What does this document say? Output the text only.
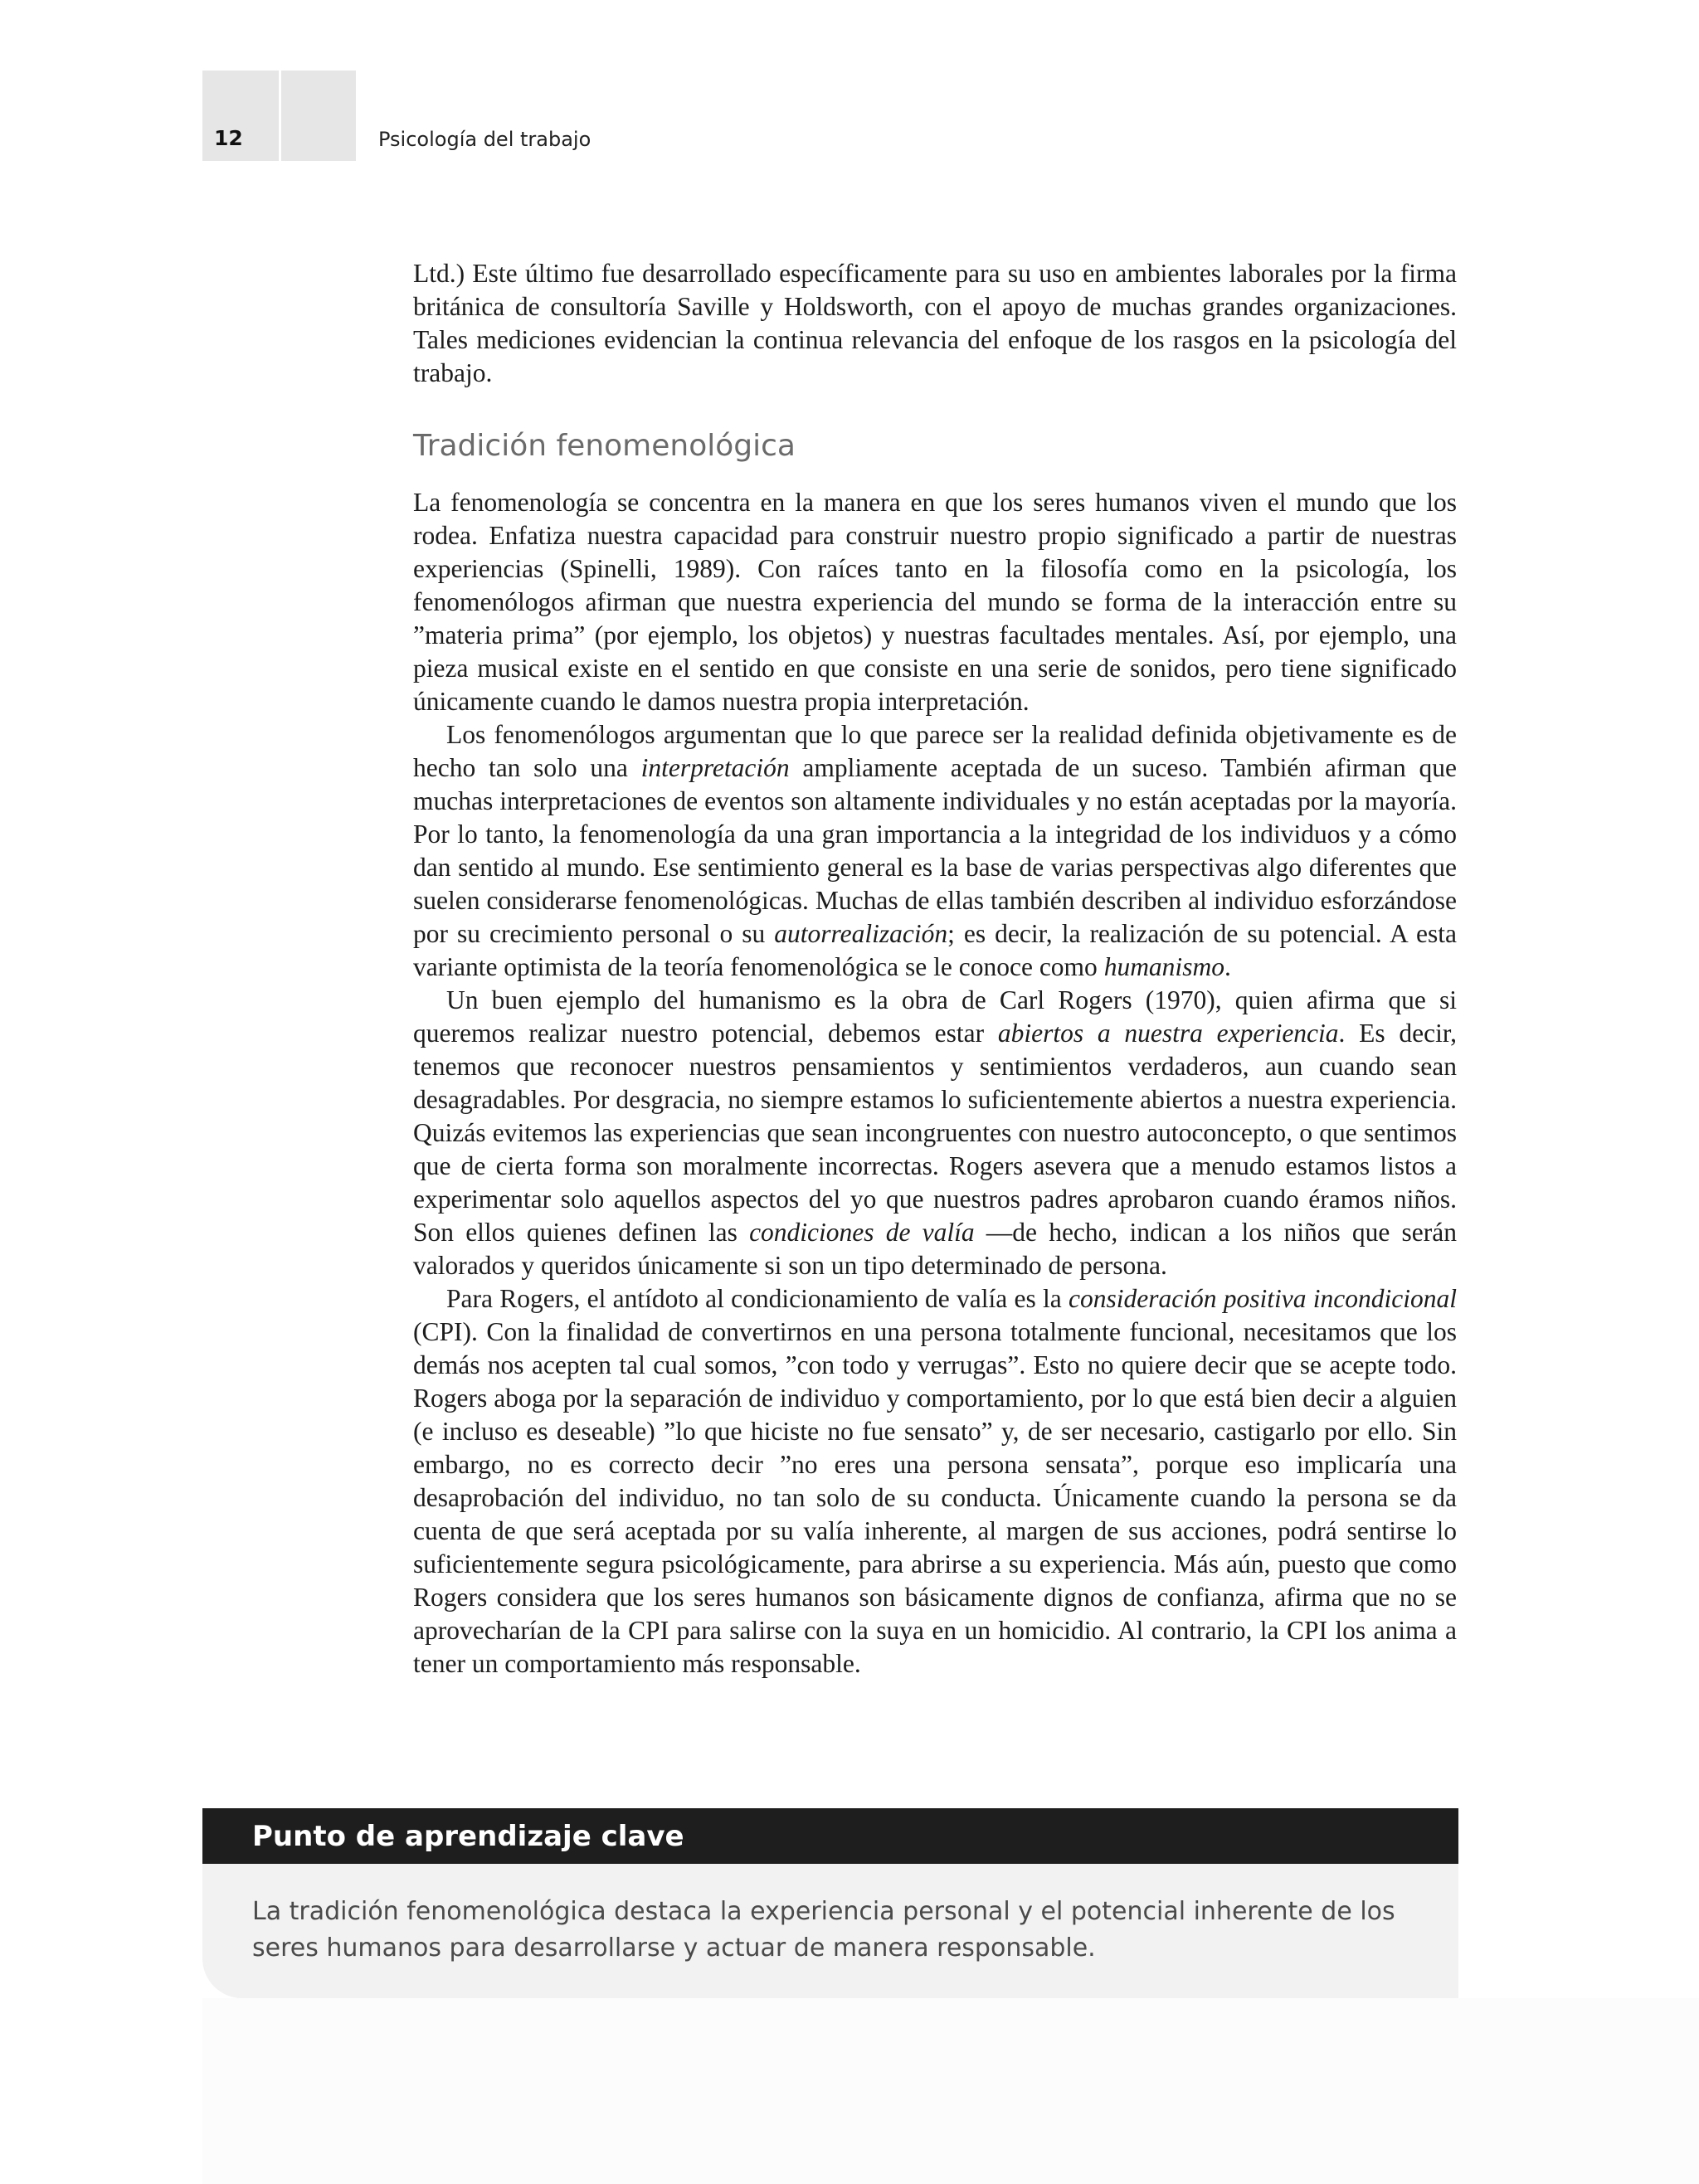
12	Psicología del trabajo

Ltd.) Este último fue desarrollado específicamente para su uso en ambientes laborales por la firma británica de consultoría Saville y Holdsworth, con el apoyo de muchas grandes organizaciones. Tales mediciones evidencian la continua relevancia del enfoque de los rasgos en la psicología del trabajo.

Tradición fenomenológica

La fenomenología se concentra en la manera en que los seres humanos viven el mundo que los rodea. Enfatiza nuestra capacidad para construir nuestro propio significado a partir de nuestras experiencias (Spinelli, 1989). Con raíces tanto en la filosofía como en la psicología, los fenomenólogos afirman que nuestra experiencia del mundo se forma de la interacción entre su ”materia prima” (por ejemplo, los objetos) y nuestras facultades mentales. Así, por ejemplo, una pieza musical existe en el sentido en que consiste en una serie de sonidos, pero tiene significado únicamente cuando le damos nuestra propia interpretación.

Los fenomenólogos argumentan que lo que parece ser la realidad definida objetivamente es de hecho tan solo una interpretación ampliamente aceptada de un suceso. También afirman que muchas interpretaciones de eventos son altamente individuales y no están aceptadas por la mayoría. Por lo tanto, la fenomenología da una gran importancia a la integridad de los individuos y a cómo dan sentido al mundo. Ese sentimiento general es la base de varias perspectivas algo diferentes que suelen considerarse fenomenológicas. Muchas de ellas también describen al individuo esforzándose por su crecimiento personal o su autorrealización; es decir, la realización de su potencial. A esta variante optimista de la teoría fenomenológica se le conoce como humanismo.

Un buen ejemplo del humanismo es la obra de Carl Rogers (1970), quien afirma que si queremos realizar nuestro potencial, debemos estar abiertos a nuestra experiencia. Es decir, tenemos que reconocer nuestros pensamientos y sentimientos verdaderos, aun cuando sean desagradables. Por desgracia, no siempre estamos lo suficientemente abiertos a nuestra experiencia. Quizás evitemos las experiencias que sean incongruentes con nuestro autoconcepto, o que sentimos que de cierta forma son moralmente incorrectas. Rogers asevera que a menudo estamos listos a experimentar solo aquellos aspectos del yo que nuestros padres aprobaron cuando éramos niños. Son ellos quienes definen las condiciones de valía —de hecho, indican a los niños que serán valorados y queridos únicamente si son un tipo determinado de persona.

Para Rogers, el antídoto al condicionamiento de valía es la consideración positiva incondicional (CPI). Con la finalidad de convertirnos en una persona totalmente funcional, necesitamos que los demás nos acepten tal cual somos, ”con todo y verrugas”. Esto no quiere decir que se acepte todo. Rogers aboga por la separación de individuo y comportamiento, por lo que está bien decir a alguien (e incluso es deseable) ”lo que hiciste no fue sensato” y, de ser necesario, castigarlo por ello. Sin embargo, no es correcto decir ”no eres una persona sensata”, porque eso implicaría una desaprobación del individuo, no tan solo de su conducta. Únicamente cuando la persona se da cuenta de que será aceptada por su valía inherente, al margen de sus acciones, podrá sentirse lo suficientemente segura psicológicamente, para abrirse a su experiencia. Más aún, puesto que como Rogers considera que los seres humanos son básicamente dignos de confianza, afirma que no se aprovecharían de la CPI para salirse con la suya en un homicidio. Al contrario, la CPI los anima a tener un comportamiento más responsable.

Punto de aprendizaje clave
La tradición fenomenológica destaca la experiencia personal y el potencial inherente de los seres humanos para desarrollarse y actuar de manera responsable.
